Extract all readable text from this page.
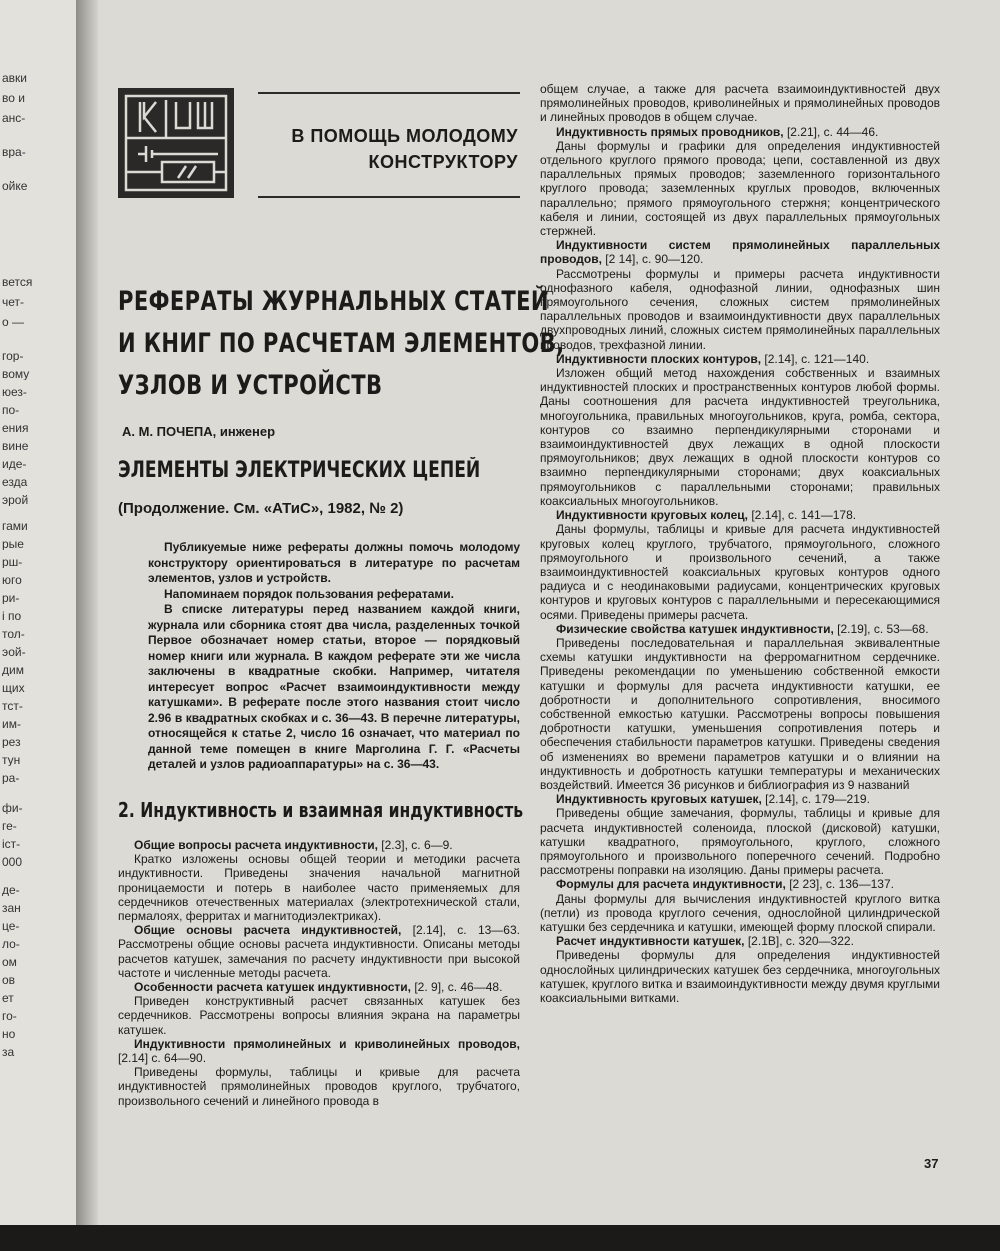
авки
во и
анс-
вра-
ойке
вется
чет-
о —
гор-
вому
юез-
по-
ения
вине
иде-
езда
эрой
гами
рые
рш-
юго
ри-
і по
тол-
эой-
дим
щих
тст-
им-
рез
тун
ра-
фи-
ге-
іст-
000
де-
зан
це-
ло-
ом
ов
ет
го-
но
за
В ПОМОЩЬ МОЛОДОМУ
КОНСТРУКТОРУ
РЕФЕРАТЫ ЖУРНАЛЬНЫХ СТАТЕЙ
И КНИГ ПО РАСЧЕТАМ ЭЛЕМЕНТОВ,
УЗЛОВ И УСТРОЙСТВ
А. М. ПОЧЕПА, инженер
ЭЛЕМЕНТЫ ЭЛЕКТРИЧЕСКИХ ЦЕПЕЙ
(Продолжение. См. «АТиС», 1982, № 2)

Публикуемые ниже рефераты должны помочь молодому конструктору ориентироваться в литературе по расчетам элементов, узлов и устройств.

Напоминаем порядок пользования рефератами.

В списке литературы перед названием каждой книги, журнала или сборника стоят два числа, разделенных точкой Первое обозначает номер статьи, второе — порядковый номер книги или журнала. В каждом реферате эти же числа заключены в квадратные скобки. Например, читателя интересует вопрос «Расчет взаимоиндуктивности между катушками». В реферате после этого названия стоит число 2.96 в квадратных скобках и с. 36—43. В перечне литературы, относящейся к статье 2, число 16 означает, что материал по данной теме помещен в книге Марголина Г. Г. «Расчеты деталей и узлов радиоаппаратуры» на с. 36—43.

2. Индуктивность и взаимная индуктивность

Общие вопросы расчета индуктивности, [2.3], с. 6—9.

Кратко изложены основы общей теории и методики расчета индуктивности. Приведены значения начальной магнитной проницаемости и потерь в наиболее часто применяемых для сердечников отечественных материалах (электротехнической стали, пермалоях, ферритах и магнитодиэлектриках).

Общие основы расчета индуктивностей, [2.14], с. 13—63. Рассмотрены общие основы расчета индуктивности. Описаны методы расчетов катушек, замечания по расчету индуктивности при высокой частоте и численные методы расчета.

Особенности расчета катушек индуктивности, [2. 9], с. 46—48.

Приведен конструктивный расчет связанных катушек без сердечников. Рассмотрены вопросы влияния экрана на параметры катушек.

Индуктивности прямолинейных и криволинейных проводов, [2.14] с. 64—90.

Приведены формулы, таблицы и кривые для расчета индуктивностей прямолинейных проводов круглого, трубчатого, произвольного сечений и линейного провода в

общем случае, а также для расчета взаимоиндуктивностей двух прямолинейных проводов, криволинейных и прямолинейных проводов и линейных проводов в общем случае.

Индуктивность прямых проводников, [2.21], с. 44—46.

Даны формулы и графики для определения индуктивностей отдельного круглого прямого провода; цепи, составленной из двух параллельных прямых проводов; заземленного горизонтального круглого провода; заземленных круглых проводов, включенных параллельно; прямого прямоугольного стержня; концентрического кабеля и линии, состоящей из двух параллельных прямоугольных стержней.

Индуктивности систем прямолинейных параллельных проводов, [2 14], с. 90—120.

Рассмотрены формулы и примеры расчета индуктивности однофазного кабеля, однофазной линии, однофазных шин прямоугольного сечения, сложных систем прямолинейных параллельных проводов и взаимоиндуктивности двух параллельных двухпроводных линий, сложных систем прямолинейных параллельных проводов, трехфазной линии.

Индуктивности плоских контуров, [2.14], с. 121—140.

Изложен общий метод нахождения собственных и взаимных индуктивностей плоских и пространственных контуров любой формы. Даны соотношения для расчета индуктивностей треугольника, многоугольника, правильных многоугольников, круга, ромба, сектора, контуров со взаимно перпендикулярными сторонами и взаимоиндуктивностей двух лежащих в одной плоскости прямоугольников; двух лежащих в одной плоскости контуров со взаимно перпендикулярными сторонами; двух коаксиальных прямоугольников с параллельными сторонами; правильных коаксиальных многоугольников.

Индуктивности круговых колец, [2.14], с. 141—178.

Даны формулы, таблицы и кривые для расчета индуктивностей круговых колец круглого, трубчатого, прямоугольного, сложного прямоугольного и произвольного сечений, а также взаимоиндуктивностей коаксиальных круговых контуров одного радиуса и с неодинаковыми радиусами, концентрических круговых контуров и круговых контуров с параллельными и пересекающимися осями. Приведены примеры расчета.

Физические свойства катушек индуктивности, [2.19], с. 53—68.

Приведены последовательная и параллельная эквивалентные схемы катушки индуктивности на ферромагнитном сердечнике. Приведены рекомендации по уменьшению собственной емкости катушки и формулы для расчета индуктивности катушки, ее добротности и дополнительного сопротивления, вносимого собственной емкостью катушки. Рассмотрены вопросы повышения добротности катушки, уменьшения сопротивления потерь и обеспечения стабильности параметров катушки. Приведены сведения об изменениях во времени параметров катушки и о влиянии на индуктивность и добротность катушки температуры и механических воздействий. Имеется 36 рисунков и библиография из 9 названий

Индуктивность круговых катушек, [2.14], с. 179—219.

Приведены общие замечания, формулы, таблицы и кривые для расчета индуктивностей соленоида, плоской (дисковой) катушки, катушки квадратного, прямоугольного, круглого, сложного прямоугольного и произвольного поперечного сечений. Подробно рассмотрены поправки на изоляцию. Даны примеры расчета.

Формулы для расчета индуктивности, [2 23], с. 136—137.

Даны формулы для вычисления индуктивностей круглого витка (петли) из провода круглого сечения, однослойной цилиндрической катушки без сердечника и катушки, имеющей форму плоской спирали.

Расчет индуктивности катушек, [2.1В], с. 320—322.

Приведены формулы для определения индуктивностей однослойных цилиндрических катушек без сердечника, многоугольных катушек, круглого витка и взаимоиндуктивности между двумя круглыми коаксиальными витками.

37
